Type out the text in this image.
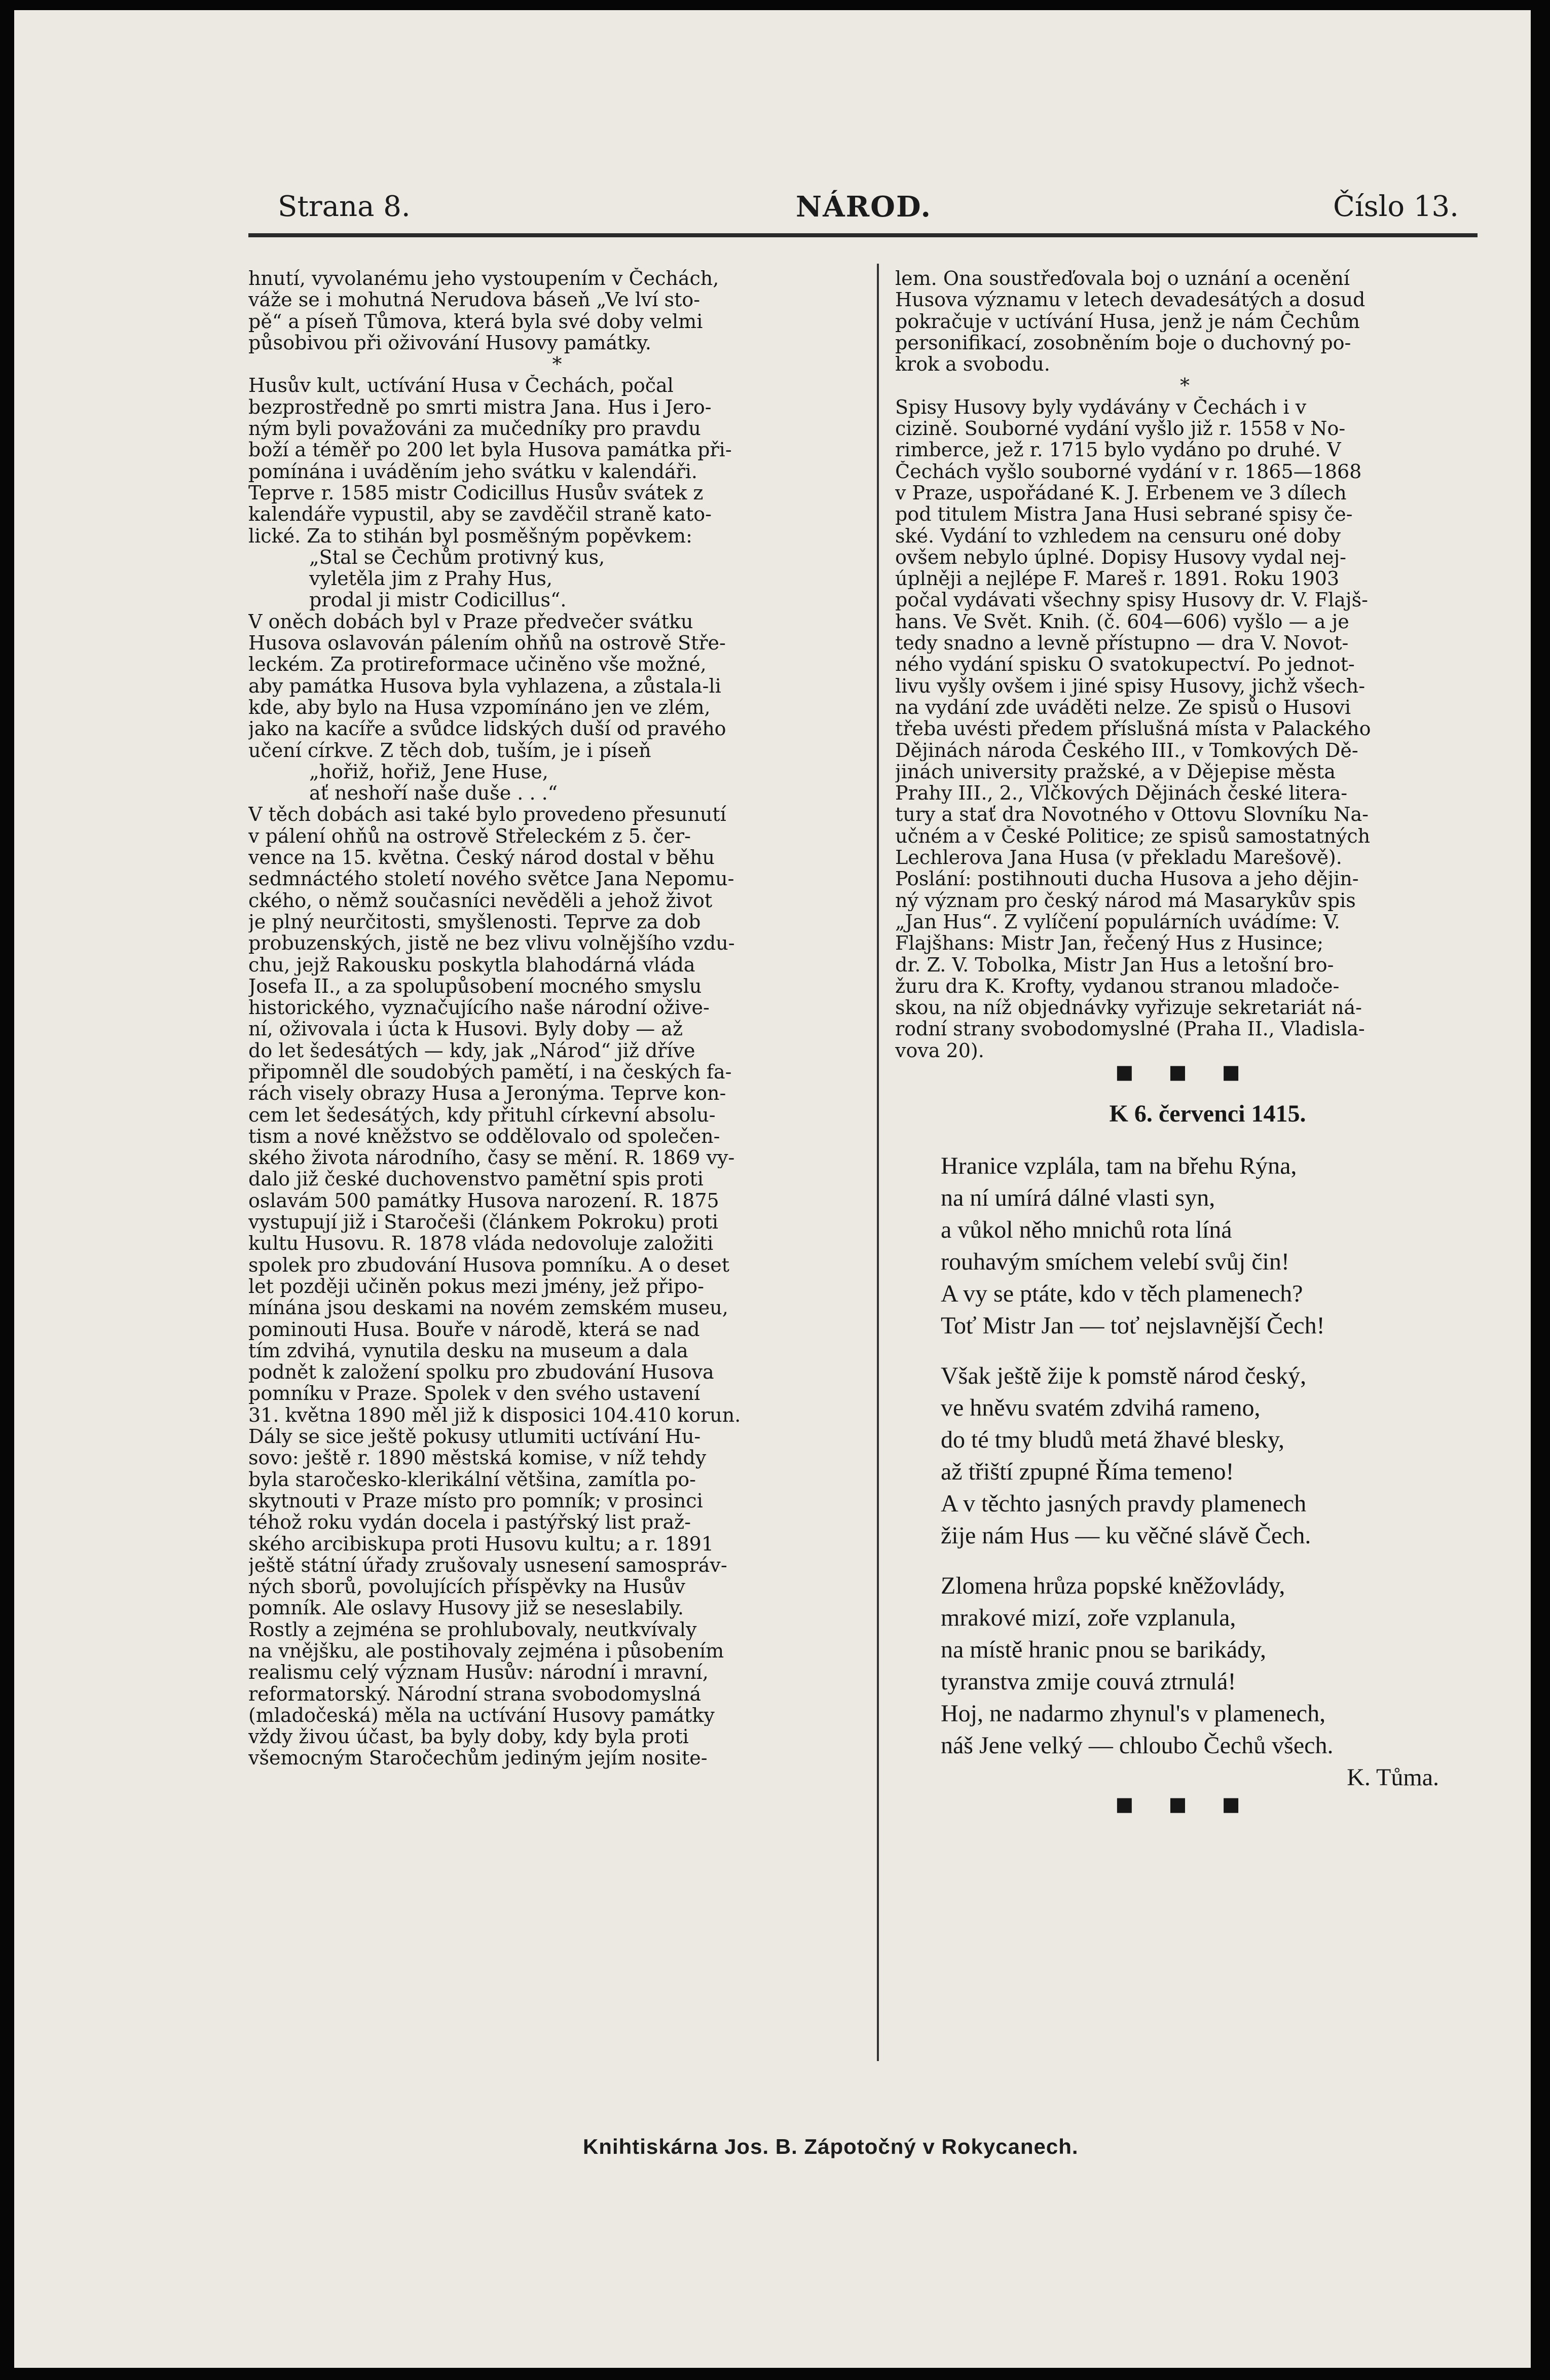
Strana 8.	NÁROD.	Číslo 13.

hnutí, vyvolanému jeho vystoupením v Čechách,

váže se i mohutná Nerudova báseň „Ve lví sto-

pě“ a píseň Tůmova, která byla své doby velmi

působivou při oživování Husovy památky.

*

Husův kult, uctívání Husa v Čechách, počal

bezprostředně po smrti mistra Jana. Hus i Jero-

ným byli považováni za mučedníky pro pravdu

boží a téměř po 200 let byla Husova památka při-

pomínána i uváděním jeho svátku v kalendáři.

Teprve r. 1585 mistr Codicillus Husův svátek z

kalendáře vypustil, aby se zavděčil straně kato-

lické. Za to stihán byl posměšným popěvkem:

„Stal se Čechům protivný kus,

vyletěla jim z Prahy Hus,

prodal ji mistr Codicillus“.

V oněch dobách byl v Praze předvečer svátku

Husova oslavován pálením ohňů na ostrově Stře-

leckém. Za protireformace učiněno vše možné,

aby památka Husova byla vyhlazena, a zůstala-li

kde, aby bylo na Husa vzpomínáno jen ve zlém,

jako na kacíře a svůdce lidských duší od pravého

učení církve. Z těch dob, tuším, je i píseň

„hořiž, hořiž, Jene Huse,

ať neshoří naše duše . . .“

V těch dobách asi také bylo provedeno přesunutí

v pálení ohňů na ostrově Střeleckém z 5. čer-

vence na 15. května. Český národ dostal v běhu

sedmnáctého století nového světce Jana Nepomu-

ckého, o němž současníci nevěděli a jehož život

je plný neurčitosti, smyšlenosti. Teprve za dob

probuzenských, jistě ne bez vlivu volnějšího vzdu-

chu, jejž Rakousku poskytla blahodárná vláda

Josefa II., a za spolupůsobení mocného smyslu

historického, vyznačujícího naše národní ožive-

ní, oživovala i úcta k Husovi. Byly doby — až

do let šedesátých — kdy, jak „Národ“ již dříve

připomněl dle soudobých pamětí, i na českých fa-

rách visely obrazy Husa a Jeronýma. Teprve kon-

cem let šedesátých, kdy přituhl církevní absolu-

tism a nové kněžstvo se oddělovalo od společen-

ského života národního, časy se mění. R. 1869 vy-

dalo již české duchovenstvo pamětní spis proti

oslavám 500 památky Husova narození. R. 1875

vystupují již i Staročeši (článkem Pokroku) proti

kultu Husovu. R. 1878 vláda nedovoluje založiti

spolek pro zbudování Husova pomníku. A o deset

let později učiněn pokus mezi jmény, jež připo-

mínána jsou deskami na novém zemském museu,

pominouti Husa. Bouře v národě, která se nad

tím zdvihá, vynutila desku na museum a dala

podnět k založení spolku pro zbudování Husova

pomníku v Praze. Spolek v den svého ustavení

31. května 1890 měl již k disposici 104.410 korun.

Dály se sice ještě pokusy utlumiti uctívání Hu-

sovo: ještě r. 1890 městská komise, v níž tehdy

byla staročesko-klerikální většina, zamítla po-

skytnouti v Praze místo pro pomník; v prosinci

téhož roku vydán docela i pastýřský list praž-

ského arcibiskupa proti Husovu kultu; a r. 1891

ještě státní úřady zrušovaly usnesení samospráv-

ných sborů, povolujících příspěvky na Husův

pomník. Ale oslavy Husovy již se neseslabily.

Rostly a zejména se prohlubovaly, neutkvívaly

na vnějšku, ale postihovaly zejména i působením

realismu celý význam Husův: národní i mravní,

reformatorský. Národní strana svobodomyslná

(mladočeská) měla na uctívání Husovy památky

vždy živou účast, ba byly doby, kdy byla proti

všemocným Staročechům jediným jejím nosite-

lem. Ona soustřeďovala boj o uznání a ocenění

Husova významu v letech devadesátých a dosud

pokračuje v uctívání Husa, jenž je nám Čechům

personifikací, zosobněním boje o duchovný po-

krok a svobodu.

*

Spisy Husovy byly vydávány v Čechách i v

cizině. Souborné vydání vyšlo již r. 1558 v No-

rimberce, jež r. 1715 bylo vydáno po druhé. V

Čechách vyšlo souborné vydání v r. 1865—1868

v Praze, uspořádané K. J. Erbenem ve 3 dílech

pod titulem Mistra Jana Husi sebrané spisy če-

ské. Vydání to vzhledem na censuru oné doby

ovšem nebylo úplné. Dopisy Husovy vydal nej-

úplněji a nejlépe F. Mareš r. 1891. Roku 1903

počal vydávati všechny spisy Husovy dr. V. Flajš-

hans. Ve Svět. Knih. (č. 604—606) vyšlo — a je

tedy snadno a levně přístupno — dra V. Novot-

ného vydání spisku O svatokupectví. Po jednot-

livu vyšly ovšem i jiné spisy Husovy, jichž všech-

na vydání zde uváděti nelze. Ze spisů o Husovi

třeba uvésti předem příslušná místa v Palackého

Dějinách národa Českého III., v Tomkových Dě-

jinách university pražské, a v Dějepise města

Prahy III., 2., Vlčkových Dějinách české litera-

tury a stať dra Novotného v Ottovu Slovníku Na-

učném a v České Politice; ze spisů samostatných

Lechlerova Jana Husa (v překladu Marešově).

Poslání: postihnouti ducha Husova a jeho dějin-

ný význam pro český národ má Masarykův spis

„Jan Hus“. Z vylíčení populárních uvádíme: V.

Flajšhans: Mistr Jan, řečený Hus z Husince;

dr. Z. V. Tobolka, Mistr Jan Hus a letošní bro-

žuru dra K. Krofty, vydanou stranou mladoče-

skou, na níž objednávky vyřizuje sekretariát ná-

rodní strany svobodomyslné (Praha II., Vladisla-

vova 20).

■ ■ ■

K 6. červenci 1415.

Hranice vzplála, tam na břehu Rýna,

na ní umírá dálné vlasti syn,

a vůkol něho mnichů rota líná

rouhavým smíchem velebí svůj čin!

A vy se ptáte, kdo v těch plamenech?

Toť Mistr Jan — toť nejslavnější Čech!

Však ještě žije k pomstě národ český,

ve hněvu svatém zdvihá rameno,

do té tmy bludů metá žhavé blesky,

až třiští zpupné Říma temeno!

A v těchto jasných pravdy plamenech

žije nám Hus — ku věčné slávě Čech.

Zlomena hrůza popské kněžovlády,

mrakové mizí, zoře vzplanula,

na místě hranic pnou se barikády,

tyranstva zmije couvá ztrnulá!

Hoj, ne nadarmo zhynul's v plamenech,

náš Jene velký — chloubo Čechů všech.

K. Tůma.

■ ■ ■

Knihtiskárna Jos. B. Zápotočný v Rokycanech.
